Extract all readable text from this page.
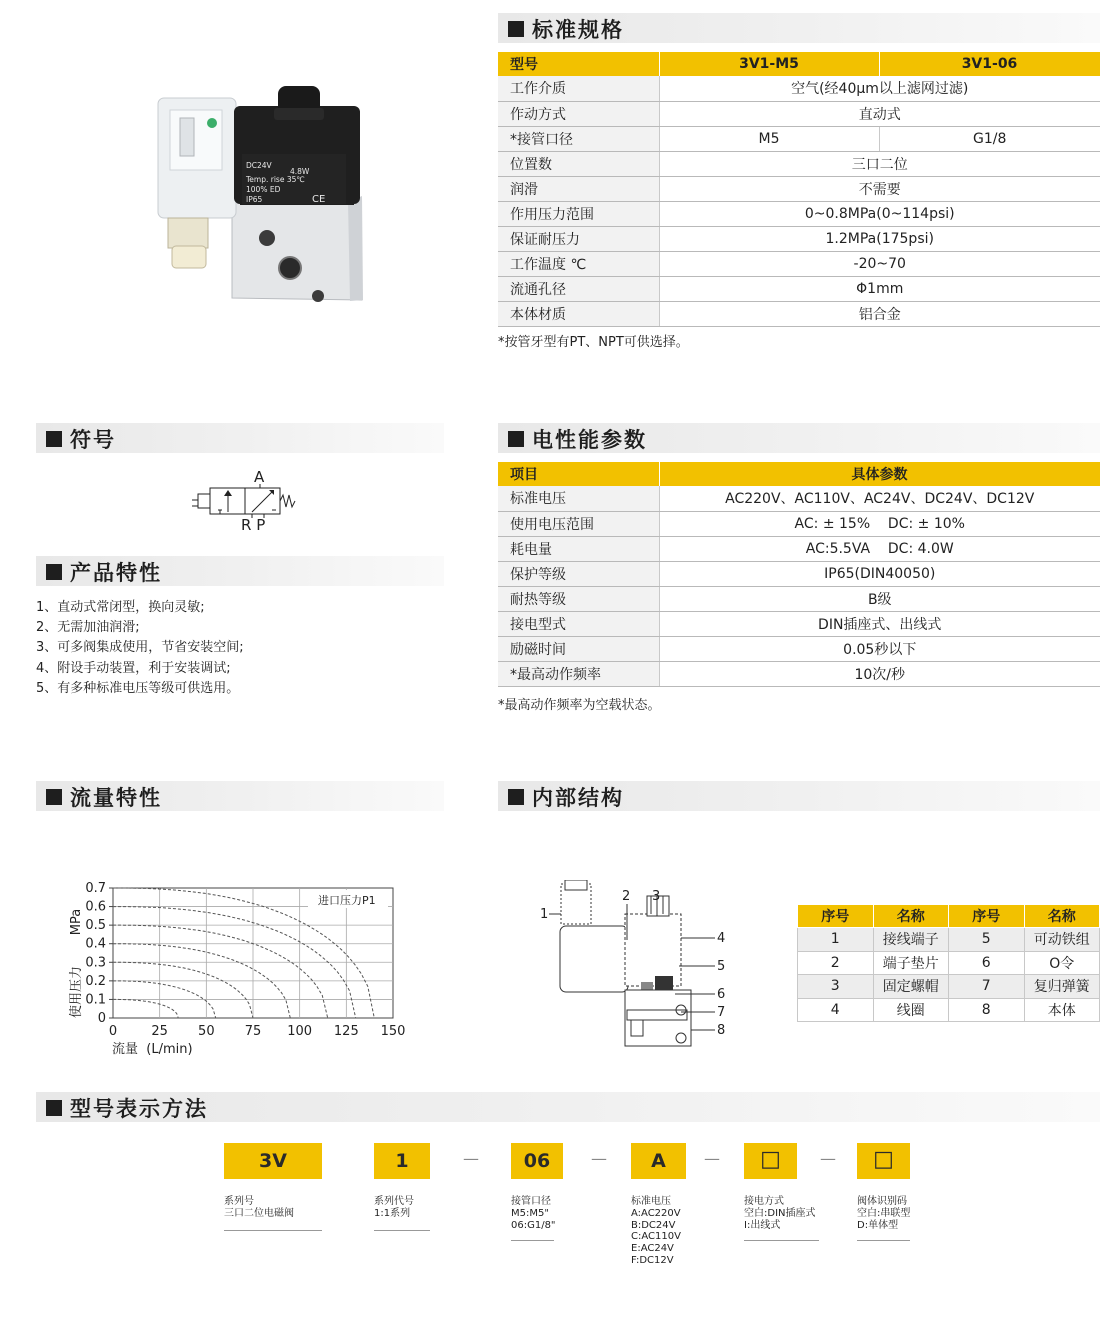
DC24V
4.8W
Temp. rise 35℃
100% ED
IP65	CE
标准规格
型号	3V1-M5	3V1-06
工作介质	空气(经40μm以上滤网过滤)	
作动方式	直动式	
*接管口径	M5	G1/8
位置数	三口二位	
润滑	不需要	
作用压力范围	0~0.8MPa(0~114psi)	
保证耐压力	1.2MPa(175psi)	
工作温度 ℃	-20~70	
流通孔径	Φ1mm	
本体材质	铝合金	
*按管牙型有PT、NPT可供选择。
符号
A
R P
产品特性
1、直动式常闭型，换向灵敏;
2、无需加油润滑;
3、可多阀集成使用，节省安装空间;
4、附设手动装置，利于安装调试;
5、有多种标准电压等级可供选用。
电性能参数
项目	具体参数
标准电压	AC220V、AC110V、AC24V、DC24V、DC12V
使用电压范围	AC: ± 15%    DC: ± 10%
耗电量	AC:5.5VA    DC: 4.0W
保护等级	IP65(DIN40050)
耐热等级	B级
接电型式	DIN插座式、出线式
励磁时间	0.05秒以下
*最高动作频率	10次/秒
*最高动作频率为空载状态。
流量特性
0	25 50 75 100 125 150
0
0.1
0.2
0.3
0.4
0.5
0.6
0.7
进口压力P1
MPa
使用压力
流量  (L/min)
内部结构
1
2 3
4
5
6
7
8
序号	名称	序号	名称
1	接线端子	5	可动铁组
2	端子垫片	6	O令
3	固定螺帽	7	复归弹簧
4	线圈	8	本体
型号表示方法
3V	1	06	A	□	□
—	—	—	—
系列号
三口二位电磁阀
系列代号
1:1系列
接管口径
M5:M5"
06:G1/8"
标准电压
A:AC220V
B:DC24V
C:AC110V
E:AC24V
F:DC12V
接电方式
空白:DIN插座式
I:出线式
阀体识别码
空白:串联型
D:单体型
